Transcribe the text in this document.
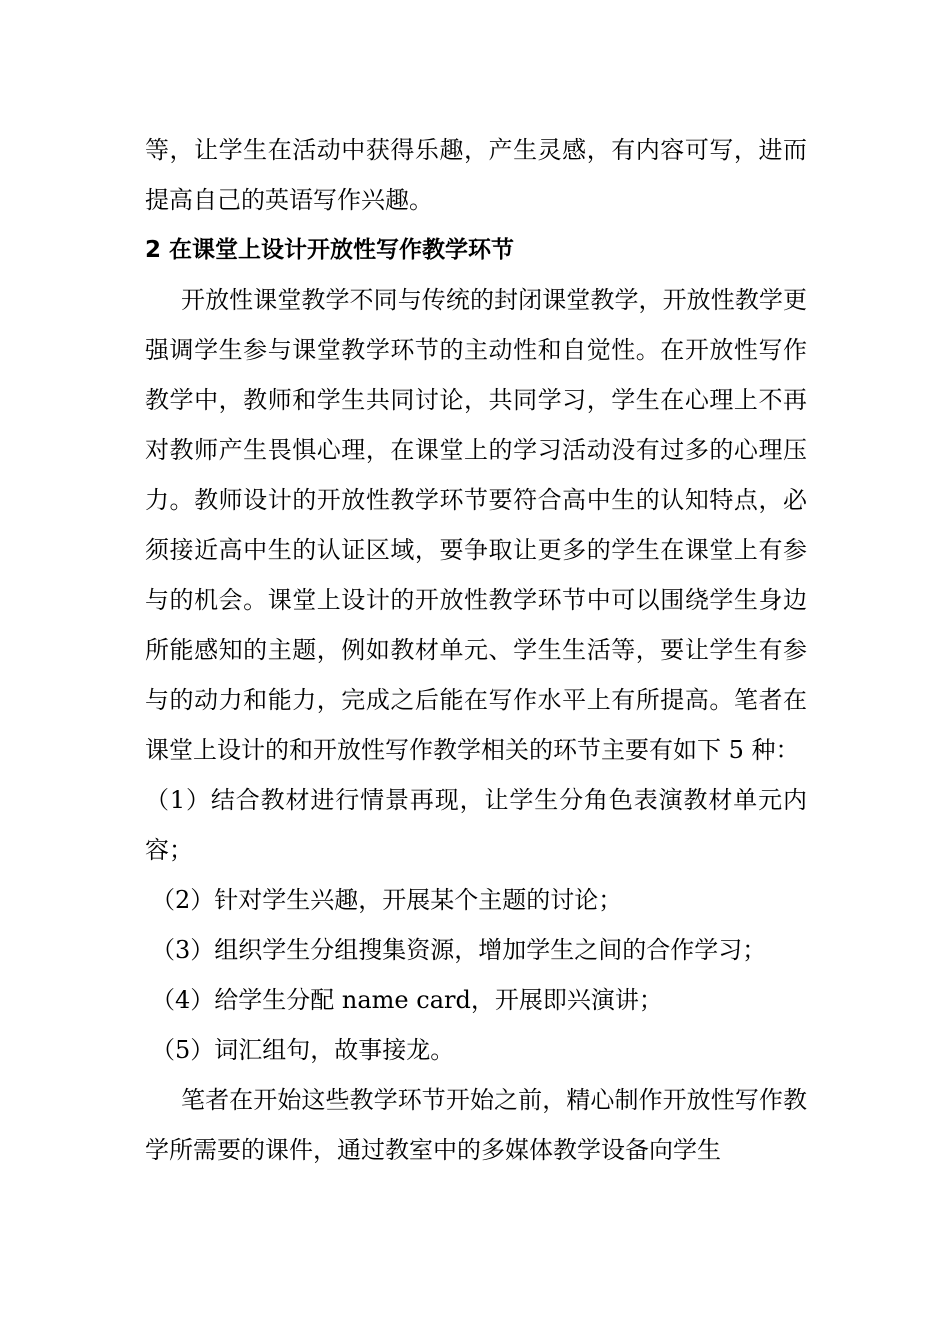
等，让学生在活动中获得乐趣，产生灵感，有内容可写，进而提高自己的英语写作兴趣。

2 在课堂上设计开放性写作教学环节

开放性课堂教学不同与传统的封闭课堂教学，开放性教学更强调学生参与课堂教学环节的主动性和自觉性。在开放性写作教学中，教师和学生共同讨论，共同学习，学生在心理上不再对教师产生畏惧心理，在课堂上的学习活动没有过多的心理压力。教师设计的开放性教学环节要符合高中生的认知特点，必须接近高中生的认证区域，要争取让更多的学生在课堂上有参与的机会。课堂上设计的开放性教学环节中可以围绕学生身边所能感知的主题，例如教材单元、学生生活等，要让学生有参与的动力和能力，完成之后能在写作水平上有所提高。笔者在课堂上设计的和开放性写作教学相关的环节主要有如下 5 种：

（1）结合教材进行情景再现，让学生分角色表演教材单元内容；

（2）针对学生兴趣，开展某个主题的讨论；

（3）组织学生分组搜集资源，增加学生之间的合作学习；

（4）给学生分配 name card，开展即兴演讲；

（5）词汇组句，故事接龙。

笔者在开始这些教学环节开始之前，精心制作开放性写作教学所需要的课件，通过教室中的多媒体教学设备向学生
